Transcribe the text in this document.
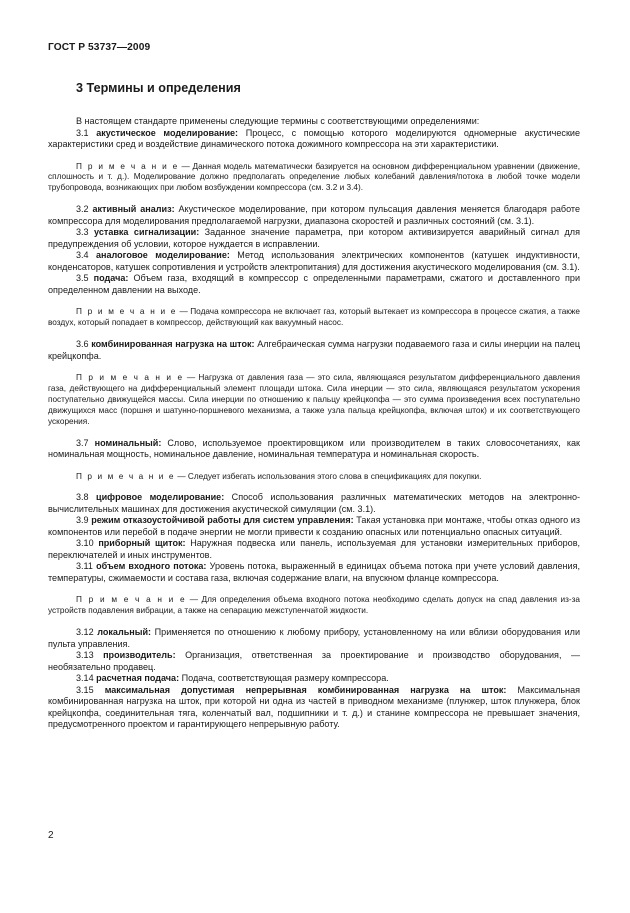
ГОСТ Р 53737—2009
3 Термины и определения

В настоящем стандарте применены следующие термины с соответствующими определениями:

3.1 акустическое моделирование: Процесс, с помощью которого моделируются одномерные акустические характеристики сред и воздействие динамического потока дожимного компрессора на эти характеристики.

П р и м е ч а н и е — Данная модель математически базируется на основном дифференциальном уравнении (движение, сплошность и т. д.). Моделирование должно предполагать определение любых колебаний давления/потока в любой точке модели трубопровода, возникающих при любом возбуждении компрессора (см. 3.2 и 3.4).

3.2 активный анализ: Акустическое моделирование, при котором пульсация давления меняется благодаря работе компрессора для моделирования предполагаемой нагрузки, диапазона скоростей и различных состояний (см. 3.1).

3.3 уставка сигнализации: Заданное значение параметра, при котором активизируется аварийный сигнал для предупреждения об условии, которое нуждается в исправлении.

3.4 аналоговое моделирование: Метод использования электрических компонентов (катушек индуктивности, конденсаторов, катушек сопротивления и устройств электропитания) для достижения акустического моделирования (см. 3.1).

3.5 подача: Объем газа, входящий в компрессор с определенными параметрами, сжатого и доставленного при определенном давлении на выходе.

П р и м е ч а н и е — Подача компрессора не включает газ, который вытекает из компрессора в процессе сжатия, а также воздух, который попадает в компрессор, действующий как вакуумный насос.

3.6 комбинированная нагрузка на шток: Алгебраическая сумма нагрузки подаваемого газа и силы инерции на палец крейцкопфа.

П р и м е ч а н и е — Нагрузка от давления газа — это сила, являющаяся результатом дифференциального давления газа, действующего на дифференциальный элемент площади штока. Сила инерции — это сила, являющаяся результатом ускорения поступательно движущейся массы. Сила инерции по отношению к пальцу крейцкопфа — это сумма произведения всех поступательно движущихся масс (поршня и шатунно-поршневого механизма, а также узла пальца крейцкопфа, включая шток) и их соответствующего ускорения.

3.7 номинальный: Слово, используемое проектировщиком или производителем в таких словосочетаниях, как номинальная мощность, номинальное давление, номинальная температура и номинальная скорость.

П р и м е ч а н и е — Следует избегать использования этого слова в спецификациях для покупки.

3.8 цифровое моделирование: Способ использования различных математических методов на электронно-вычислительных машинах для достижения акустической симуляции (см. 3.1).

3.9 режим отказоустойчивой работы для систем управления: Такая установка при монтаже, чтобы отказ одного из компонентов или перебой в подаче энергии не могли привести к созданию опасных или потенциально опасных ситуаций.

3.10 приборный щиток: Наружная подвеска или панель, используемая для установки измерительных приборов, переключателей и иных инструментов.

3.11 объем входного потока: Уровень потока, выраженный в единицах объема потока при учете условий давления, температуры, сжимаемости и состава газа, включая содержание влаги, на впускном фланце компрессора.

П р и м е ч а н и е — Для определения объема входного потока необходимо сделать допуск на спад давления из-за устройств подавления вибрации, а также на сепарацию межступенчатой жидкости.

3.12 локальный: Применяется по отношению к любому прибору, установленному на или вблизи оборудования или пульта управления.

3.13 производитель: Организация, ответственная за проектирование и производство оборудования, — необязательно продавец.

3.14 расчетная подача: Подача, соответствующая размеру компрессора.

3.15 максимальная допустимая непрерывная комбинированная нагрузка на шток: Максимальная комбинированная нагрузка на шток, при которой ни одна из частей в приводном механизме (плунжер, шток плунжера, блок крейцкопфа, соединительная тяга, коленчатый вал, подшипники и т. д.) и станине компрессора не превышает значения, предусмотренного проектом и гарантирующего непрерывную работу.

2
